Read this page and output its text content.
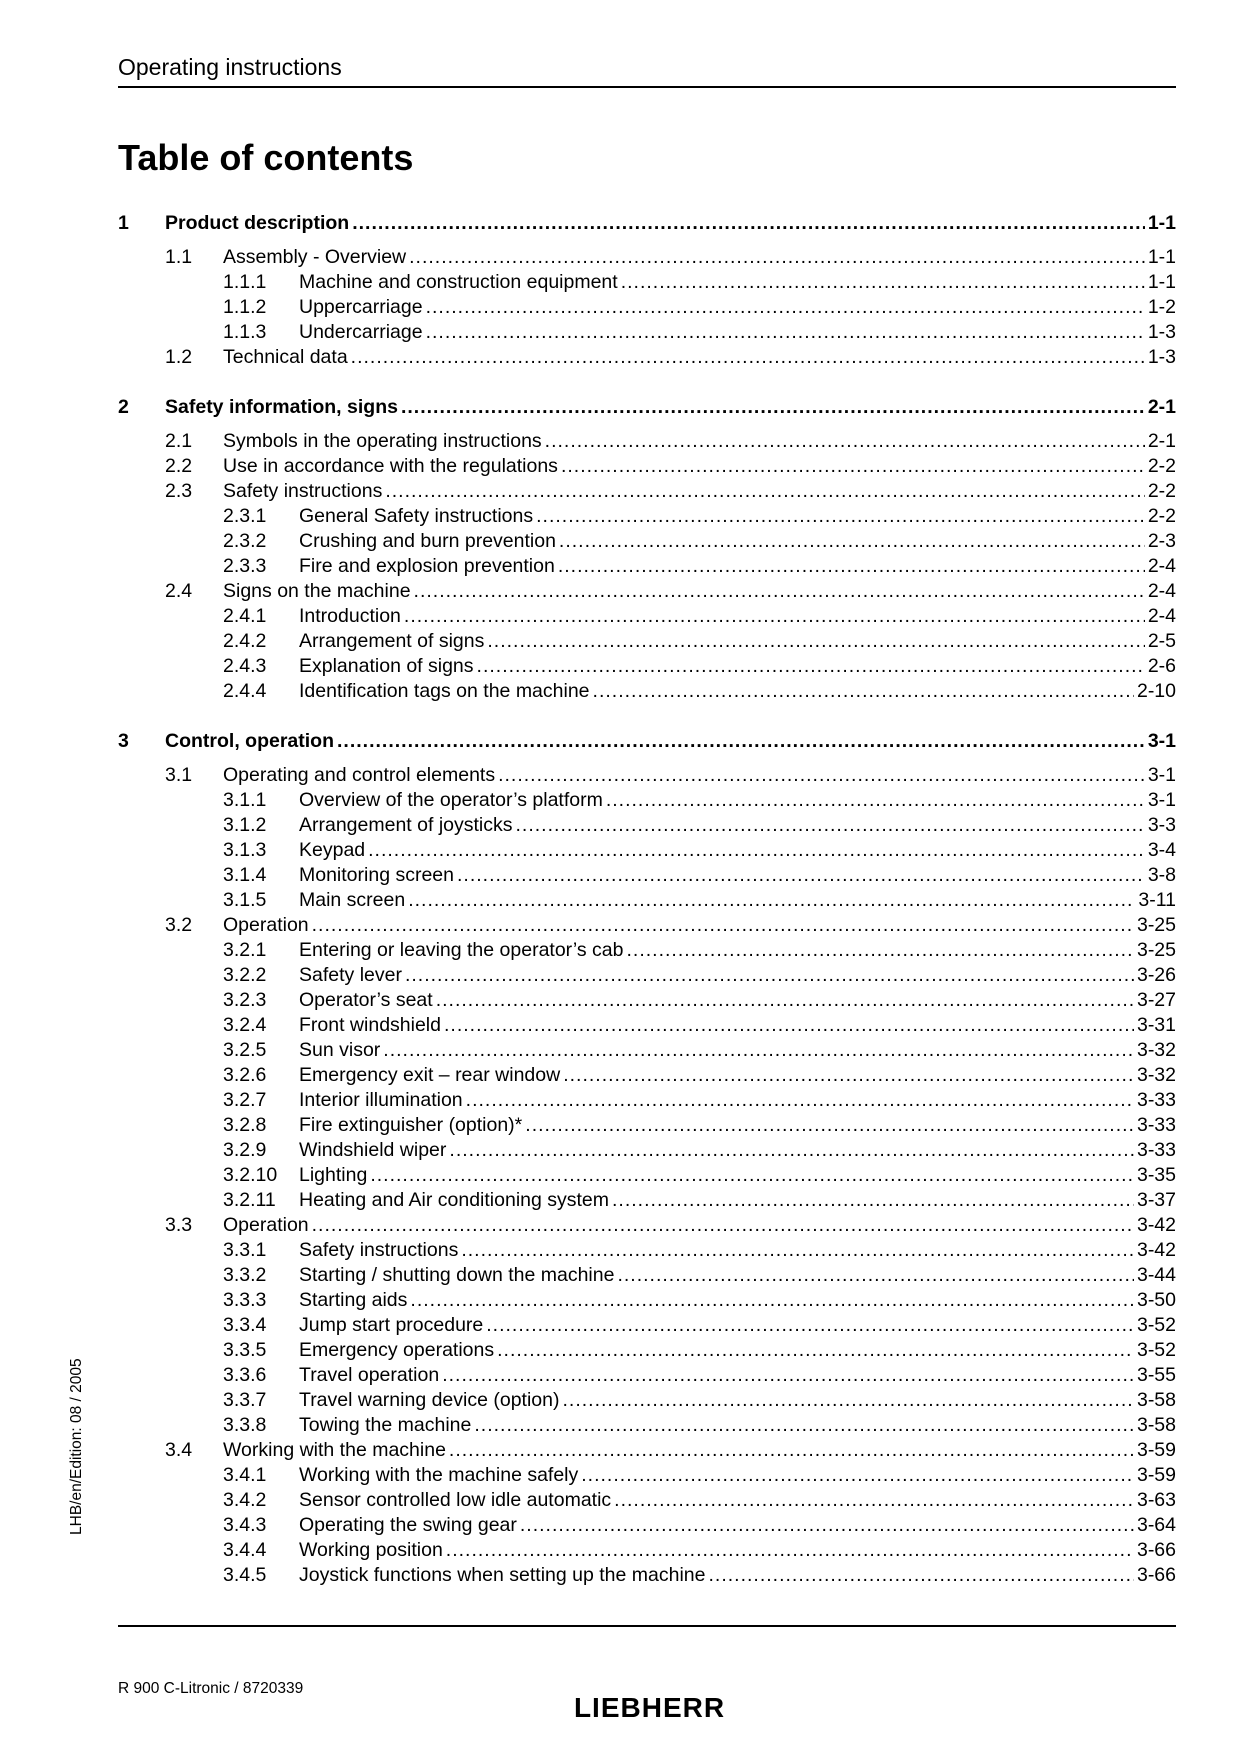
Operating instructions
Table of contents
1	Product description .....	1-1
1.1	Assembly - Overview .....	1-1
1.1.1	Machine and construction equipment .....	1-1
1.1.2	Uppercarriage .....	1-2
1.1.3	Undercarriage .....	1-3
1.2	Technical data .....	1-3
2	Safety information, signs .....	2-1
2.1	Symbols in the operating instructions .....	2-1
2.2	Use in accordance with the regulations .....	2-2
2.3	Safety instructions .....	2-2
2.3.1	General Safety instructions .....	2-2
2.3.2	Crushing and burn prevention .....	2-3
2.3.3	Fire and explosion prevention .....	2-4
2.4	Signs on the machine .....	2-4
2.4.1	Introduction .....	2-4
2.4.2	Arrangement of signs .....	2-5
2.4.3	Explanation of signs .....	2-6
2.4.4	Identification tags on the machine .....	2-10
3	Control, operation .....	3-1
3.1	Operating and control elements .....	3-1
3.1.1	Overview of the operator’s platform .....	3-1
3.1.2	Arrangement of joysticks .....	3-3
3.1.3	Keypad .....	3-4
3.1.4	Monitoring screen .....	3-8
3.1.5	Main screen .....	3-11
3.2	Operation .....	3-25
3.2.1	Entering or leaving the operator’s cab .....	3-25
3.2.2	Safety lever .....	3-26
3.2.3	Operator’s seat .....	3-27
3.2.4	Front windshield .....	3-31
3.2.5	Sun visor .....	3-32
3.2.6	Emergency exit – rear window .....	3-32
3.2.7	Interior illumination .....	3-33
3.2.8	Fire extinguisher (option)* .....	3-33
3.2.9	Windshield wiper .....	3-33
3.2.10	Lighting .....	3-35
3.2.11	Heating and Air conditioning system .....	3-37
3.3	Operation .....	3-42
3.3.1	Safety instructions .....	3-42
3.3.2	Starting / shutting down the machine .....	3-44
3.3.3	Starting aids .....	3-50
3.3.4	Jump start procedure .....	3-52
3.3.5	Emergency operations .....	3-52
3.3.6	Travel operation .....	3-55
3.3.7	Travel warning device (option) .....	3-58
3.3.8	Towing the machine .....	3-58
3.4	Working with the machine .....	3-59
3.4.1	Working with the machine safely .....	3-59
3.4.2	Sensor controlled low idle automatic .....	3-63
3.4.3	Operating the swing gear .....	3-64
3.4.4	Working position .....	3-66
3.4.5	Joystick functions when setting up the machine .....	3-66
LHB/en/Edition: 08 / 2005
R 900 C-Litronic / 8720339
LIEBHERR
